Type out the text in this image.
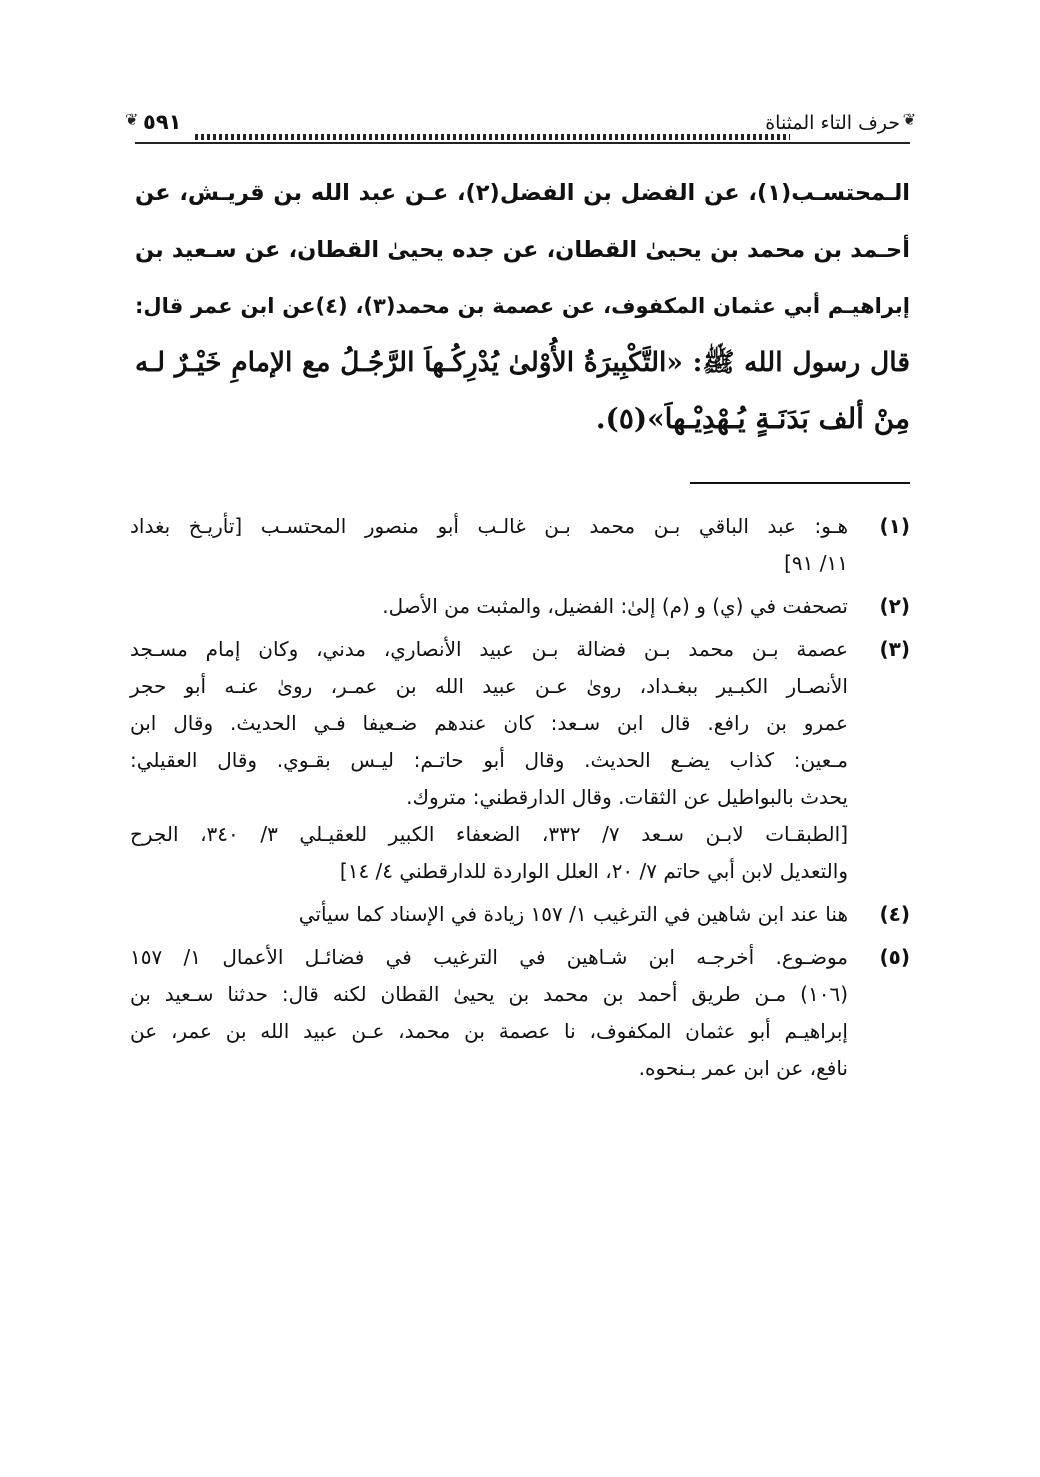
❦
حرف التاء المثناة
٥٩١
❦
الـمحتسـب(١)، عن الفضل بن الفضل(٢)، عـن عبد الله بن قريـش، عن
أحـمد بن محمد بن يحيىٰ القطان، عن جده يحيىٰ القطان، عن سـعيد بن
إبراهيـم أبي عثمان المكفوف، عن عصمة بن محمد(٣)، (٤)عن ابن عمر قال:
قال رسول الله ﷺ: «التَّكْبِيرَةُ الأُوْلىٰ يُدْرِكُـهاَ الرَّجُـلُ مع الإمامِ خَيْـرٌ لـه
مِنْ ألف بَدَنَـةٍ يُـهْدِيْـهاَ»(٥).
(١)
هـو: عبد الباقي بـن محمد بـن غالـب أبو منصور المحتسـب [تأريـخ بغداد
١١/ ٩١]
(٢)
تصحفت في (ي) و (م) إلىٰ: الفضيل، والمثبت من الأصل.
(٣)
عصمة بـن محمد بـن فضالة بـن عبيد الأنصاري، مدني، وكان إمام مسـجد
الأنصـار الكبـير ببغـداد، روىٰ عـن عبيد الله بن عمـر، روىٰ عنـه أبو حجر
عمرو بن رافع. قال ابن سـعد: كان عندهم ضـعيفا فـي الحديث. وقال ابن
مـعين: كذاب يضـع الحديث. وقال أبو حاتـم: ليـس بقـوي. وقال العقيلي:
يحدث بالبواطيل عن الثقات. وقال الدارقطني: متروك.
[الطبقـات لابـن سـعد ٧/ ٣٣٢، الضعفاء الكبير للعقيـلي ٣/ ٣٤٠، الجرح
والتعديل لابن أبي حاتم ٧/ ٢٠، العلل الواردة للدارقطني ٤/ ١٤]
(٤)
هنا عند ابن شاهين في الترغيب ١/ ١٥٧ زيادة في الإسناد كما سيأتي
(٥)
موضـوع. أخرجـه ابن شـاهين في الترغيب في فضائـل الأعمال ١/ ١٥٧
(١٠٦) مـن طريق أحمد بن محمد بن يحيىٰ القطان لكنه قال: حدثنا سـعيد بن
إبراهيـم أبو عثمان المكفوف، نا عصمة بن محمد، عـن عبيد الله بن عمر، عن
نافع، عن ابن عمر بـنحوه.
